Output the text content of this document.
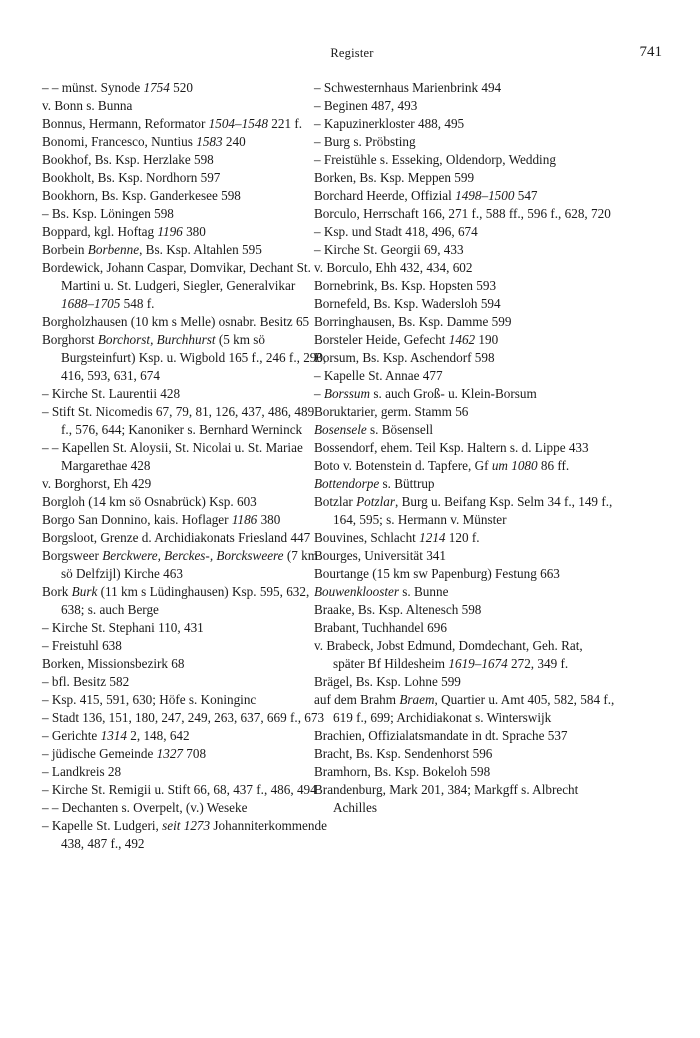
Register	741

– – münst. Synode 1754 520

v. Bonn s. Bunna

Bonnus, Hermann, Reformator 1504–1548 221 f.

Bonomi, Francesco, Nuntius 1583 240

Bookhof, Bs. Ksp. Herzlake 598

Bookholt, Bs. Ksp. Nordhorn 597

Bookhorn, Bs. Ksp. Ganderkesee 598

– Bs. Ksp. Löningen 598

Boppard, kgl. Hoftag 1196 380

Borbein Borbenne, Bs. Ksp. Altahlen 595

Bordewick, Johann Caspar, Domvikar, Dechant St. Martini u. St. Ludgeri, Siegler, Generalvikar 1688–1705 548 f.

Borgholzhausen (10 km s Melle) osnabr. Besitz 65

Borghorst Borchorst, Burchhurst (5 km sö Burgsteinfurt) Ksp. u. Wigbold 165 f., 246 f., 290, 416, 593, 631, 674

– Kirche St. Laurentii 428

– Stift St. Nicomedis 67, 79, 81, 126, 437, 486, 489 f., 576, 644; Kanoniker s. Bernhard Werninck

– – Kapellen St. Aloysii, St. Nicolai u. St. Mariae Margarethae 428

v. Borghorst, Eh 429

Borgloh (14 km sö Osnabrück) Ksp. 603

Borgo San Donnino, kais. Hoflager 1186 380

Borgsloot, Grenze d. Archidiakonats Friesland 447

Borgsweer Berckwere, Berckes-, Borcksweere (7 km sö Delfzijl) Kirche 463

Bork Burk (11 km s Lüdinghausen) Ksp. 595, 632, 638; s. auch Berge

– Kirche St. Stephani 110, 431

– Freistuhl 638

Borken, Missionsbezirk 68

– bfl. Besitz 582

– Ksp. 415, 591, 630; Höfe s. Koninginc

– Stadt 136, 151, 180, 247, 249, 263, 637, 669 f., 673

– Gerichte 1314 2, 148, 642

– jüdische Gemeinde 1327 708

– Landkreis 28

– Kirche St. Remigii u. Stift 66, 68, 437 f., 486, 494

– – Dechanten s. Overpelt, (v.) Weseke

– Kapelle St. Ludgeri, seit 1273 Johanniterkommende 438, 487 f., 492

– Schwesternhaus Marienbrink 494

– Beginen 487, 493

– Kapuzinerkloster 488, 495

– Burg s. Pröbsting

– Freistühle s. Esseking, Oldendorp, Wedding

Borken, Bs. Ksp. Meppen 599

Borchard Heerde, Offizial 1498–1500 547

Borculo, Herrschaft 166, 271 f., 588 ff., 596 f., 628, 720

– Ksp. und Stadt 418, 496, 674

– Kirche St. Georgii 69, 433

v. Borculo, Ehh 432, 434, 602

Bornebrink, Bs. Ksp. Hopsten 593

Bornefeld, Bs. Ksp. Wadersloh 594

Borringhausen, Bs. Ksp. Damme 599

Borsteler Heide, Gefecht 1462 190

Borsum, Bs. Ksp. Aschendorf 598

– Kapelle St. Annae 477

– Borssum s. auch Groß- u. Klein-Borsum

Boruktarier, germ. Stamm 56

Bosensele s. Bösensell

Bossendorf, ehem. Teil Ksp. Haltern s. d. Lippe 433

Boto v. Botenstein d. Tapfere, Gf um 1080 86 ff.

Bottendorpe s. Büttrup

Botzlar Potzlar, Burg u. Beifang Ksp. Selm 34 f., 149 f., 164, 595; s. Hermann v. Münster

Bouvines, Schlacht 1214 120 f.

Bourges, Universität 341

Bourtange (15 km sw Papenburg) Festung 663

Bouwenklooster s. Bunne

Braake, Bs. Ksp. Altenesch 598

Brabant, Tuchhandel 696

v. Brabeck, Jobst Edmund, Domdechant, Geh. Rat, später Bf Hildesheim 1619–1674 272, 349 f.

Brägel, Bs. Ksp. Lohne 599

auf dem Brahm Braem, Quartier u. Amt 405, 582, 584 f., 619 f., 699; Archidiakonat s. Winterswijk

Brachien, Offizialatsmandate in dt. Sprache 537

Bracht, Bs. Ksp. Sendenhorst 596

Bramhorn, Bs. Ksp. Bokeloh 598

Brandenburg, Mark 201, 384; Markgff s. Albrecht Achilles
